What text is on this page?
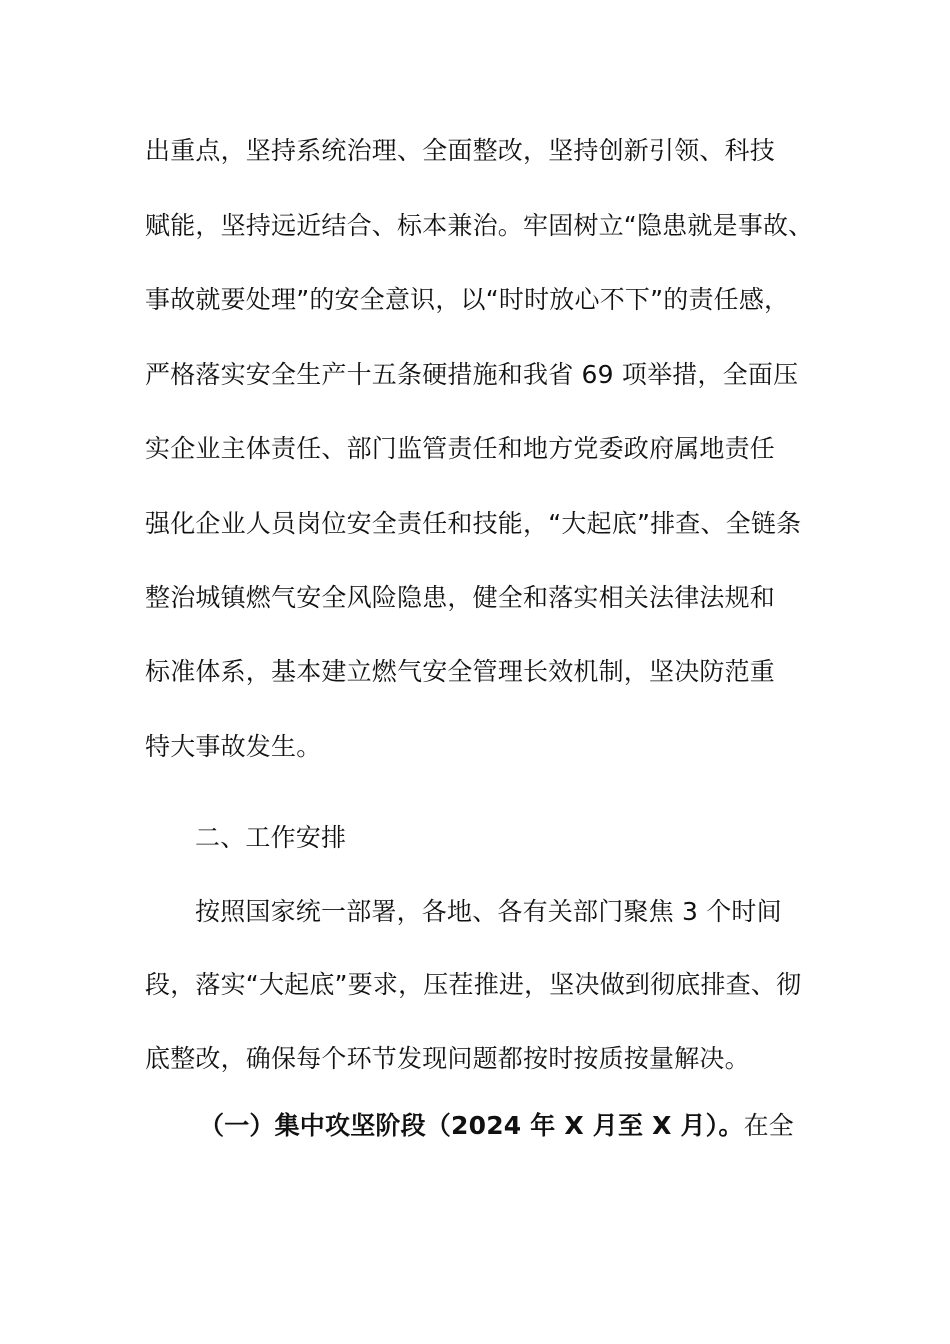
出重点，坚持系统治理、全面整改，坚持创新引领、科技
赋能，坚持远近结合、标本兼治。牢固树立“隐患就是事故、
事故就要处理”的安全意识，以“时时放心不下”的责任感，
严格落实安全生产十五条硬措施和我省 69 项举措，全面压
实企业主体责任、部门监管责任和地方党委政府属地责任
强化企业人员岗位安全责任和技能，“大起底”排查、全链条
整治城镇燃气安全风险隐患，健全和落实相关法律法规和
标准体系，基本建立燃气安全管理长效机制，坚决防范重
特大事故发生。
二、工作安排
按照国家统一部署，各地、各有关部门聚焦 3 个时间
段，落实“大起底”要求，压茬推进，坚决做到彻底排查、彻
底整改，确保每个环节发现问题都按时按质按量解决。
（一）集中攻坚阶段（2024 年 X 月至 X 月）。在全
